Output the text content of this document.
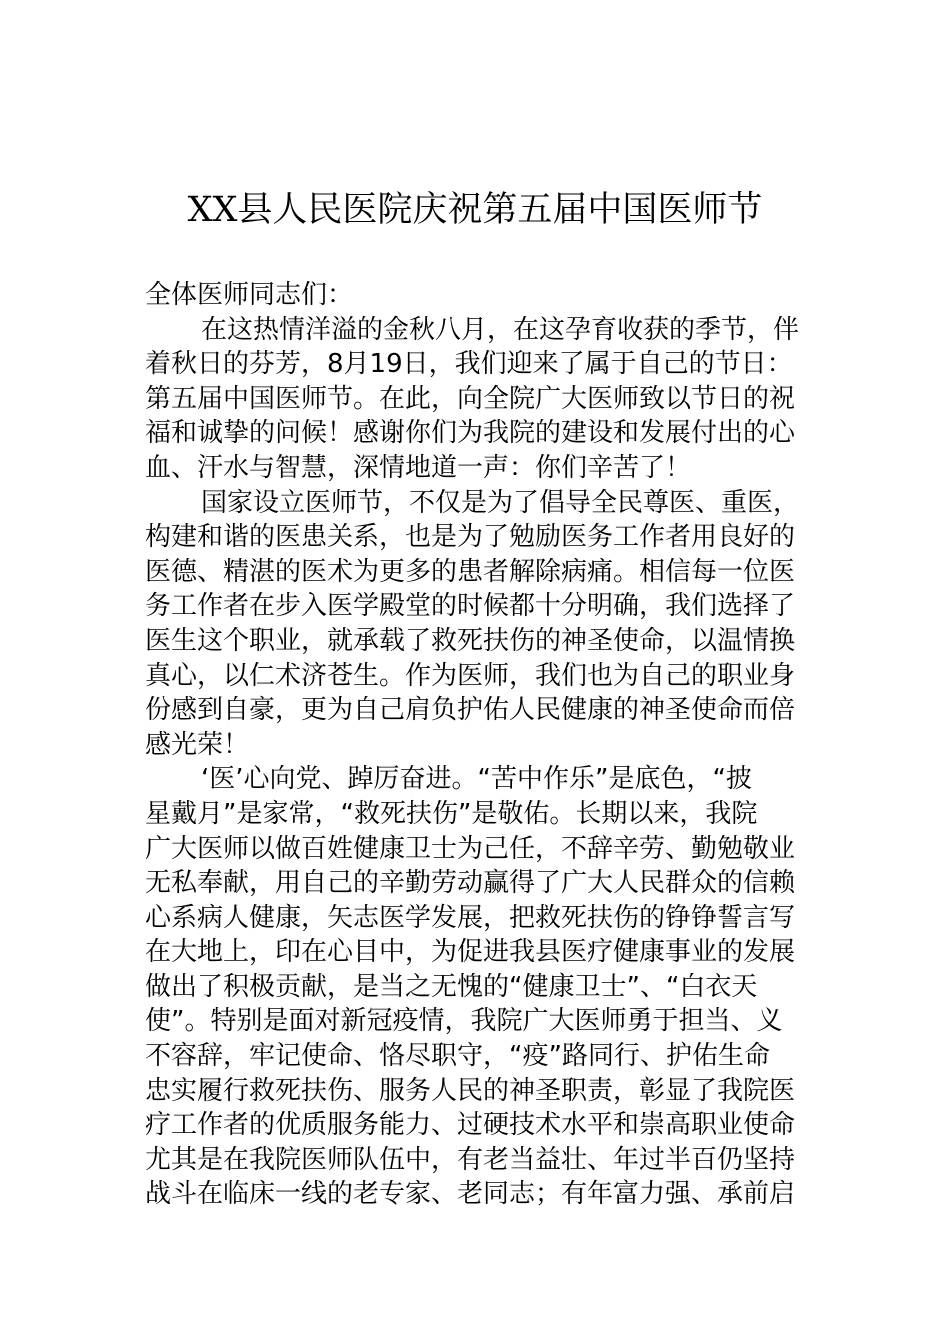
XX县人民医院庆祝第五届中国医师节
全体医师同志们：
在这热情洋溢的金秋八月，在这孕育收获的季节，伴
着秋日的芬芳，8月19日，我们迎来了属于自己的节日：
第五届中国医师节。在此，向全院广大医师致以节日的祝
福和诚挚的问候！感谢你们为我院的建设和发展付出的心
血、汗水与智慧，深情地道一声：你们辛苦了！
国家设立医师节，不仅是为了倡导全民尊医、重医，
构建和谐的医患关系，也是为了勉励医务工作者用良好的
医德、精湛的医术为更多的患者解除病痛。相信每一位医
务工作者在步入医学殿堂的时候都十分明确，我们选择了
医生这个职业，就承载了救死扶伤的神圣使命，以温情换
真心，以仁术济苍生。作为医师，我们也为自己的职业身
份感到自豪，更为自己肩负护佑人民健康的神圣使命而倍
感光荣！
‘医’心向党、踔厉奋进。“苦中作乐”是底色，“披
星戴月”是家常，“救死扶伤”是敬佑。长期以来，我院
广大医师以做百姓健康卫士为己任，不辞辛劳、勤勉敬业
无私奉献，用自己的辛勤劳动赢得了广大人民群众的信赖
心系病人健康，矢志医学发展，把救死扶伤的铮铮誓言写
在大地上，印在心目中，为促进我县医疗健康事业的发展
做出了积极贡献，是当之无愧的“健康卫士”、“白衣天
使”。特别是面对新冠疫情，我院广大医师勇于担当、义
不容辞，牢记使命、恪尽职守，“疫”路同行、护佑生命
忠实履行救死扶伤、服务人民的神圣职责，彰显了我院医
疗工作者的优质服务能力、过硬技术水平和崇高职业使命
尤其是在我院医师队伍中，有老当益壮、年过半百仍坚持
战斗在临床一线的老专家、老同志；有年富力强、承前启
